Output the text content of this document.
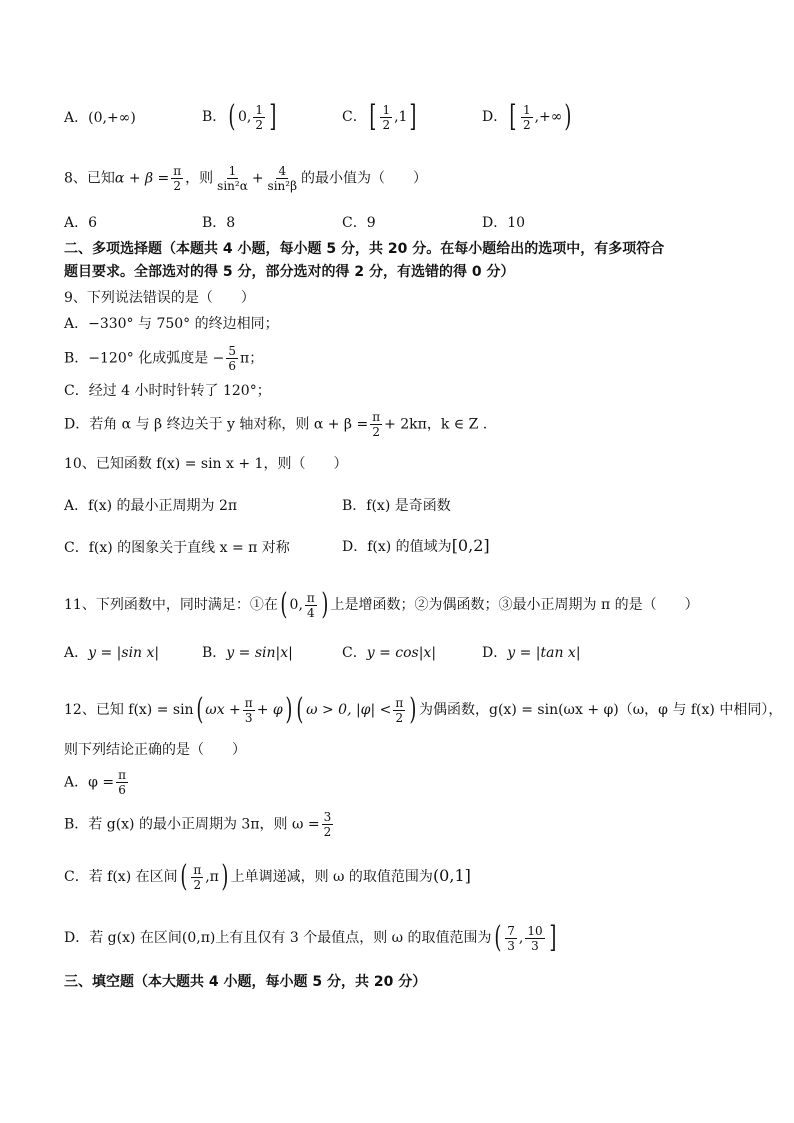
A．(0,+∞)	B．( 0, $\frac{1}{2}$ ]	C．[ $\frac{1}{2} ,1$]	D．[ $\frac{1}{2}$ ,+∞)
8、已知$\alpha + \beta = \frac{\pi}{2}$ ，则 $\frac{1}{\text{sin²α}} + \frac{4}{\text{sin²β}}$ 的最小值为（　　）
A．6	B．8	C．9	D．10
二、多项选择题（本题共 4 小题，每小题 5 分，共 20 分。在每小题给出的选项中，有多项符合
题目要求。全部选对的得 5 分，部分选对的得 2 分，有选错的得 0 分）
9、下列说法错误的是（　　）
A．−330° 与 750° 的终边相同；
B．−120° 化成弧度是 − $\frac{5}{6}$ π；
C．经过 4 小时时针转了 120°；
D．若角 α 与 β 终边关于 y 轴对称，则 $\alpha + \beta = \frac{\pi}{2} + 2k\pi$，k ∈ Z .
10、已知函数 f(x) = sin x + 1，则（　　）
A．f(x) 的最小正周期为 2π	B．f(x) 是奇函数
C．f(x) 的图象关于直线 x = π 对称	D．f(x) 的值域为[0,2]
11、下列函数中，同时满足：①在( 0, $\frac{\pi}{4}$ ) 上是增函数；②为偶函数；③最小正周期为 π 的是（　　）
A．y = |sin x|	B．y = sin|x|	C．y = cos|x|	D．y = |tan x|
12、已知 f(x) = sin( $\omega x + \frac{\pi}{3} + \varphi$) ( ω > 0, $|\varphi| < \frac{\pi}{2}$ ) 为偶函数，g(x) = sin(ωx + φ)（ω，φ 与 f(x) 中相同），
则下列结论正确的是（　　）
A．$\varphi = \frac{\pi}{6}$
B．若 g(x) 的最小正周期为 3π，则 $\omega = \frac{3}{2}$
C．若 f(x) 在区间( $\frac{\pi}{2} ,\pi$) 上单调递减，则 ω 的取值范围为(0,1]
D．若 g(x) 在区间(0,π)上有且仅有 3 个最值点，则 ω 的取值范围为( $\frac{7}{3}$ , $\frac{10}{3}$ ]
三、填空题（本大题共 4 小题，每小题 5 分，共 20 分）
